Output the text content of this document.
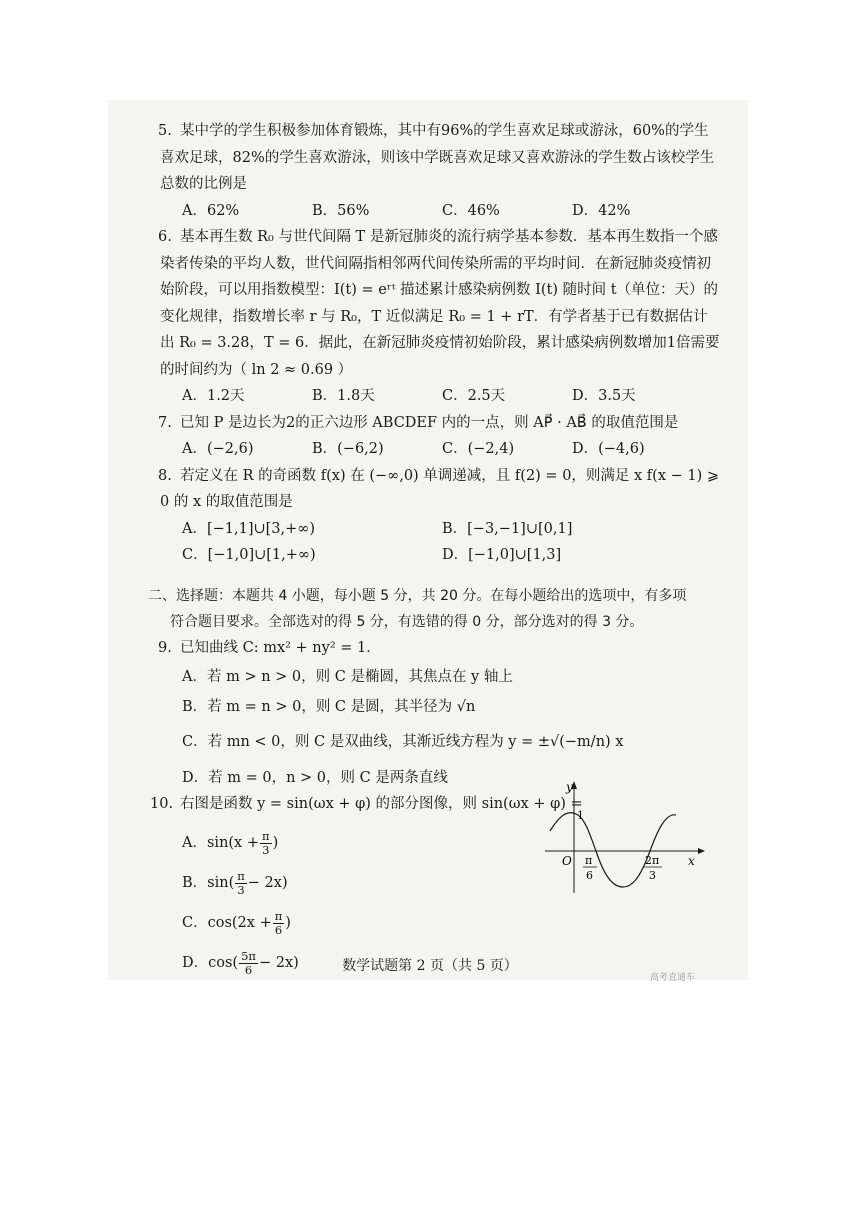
5. 某中学的学生积极参加体育锻炼，其中有96%的学生喜欢足球或游泳，60%的学生喜欢足球，82%的学生喜欢游泳，则该中学既喜欢足球又喜欢游泳的学生数占该校学生总数的比例是
A．62%	B．56%	C．46%	D．42%
6. 基本再生数 R₀ 与世代间隔 T 是新冠肺炎的流行病学基本参数．基本再生数指一个感染者传染的平均人数，世代间隔指相邻两代间传染所需的平均时间．在新冠肺炎疫情初始阶段，可以用指数模型：I(t) = eʳᵗ 描述累计感染病例数 I(t) 随时间 t（单位：天）的变化规律，指数增长率 r 与 R₀，T 近似满足 R₀ = 1 + rT．有学者基于已有数据估计出 R₀ = 3.28，T = 6．据此，在新冠肺炎疫情初始阶段，累计感染病例数增加1倍需要的时间约为（ ln 2 ≈ 0.69 ）
A．1.2天	B．1.8天	C．2.5天	D．3.5天
7. 已知 P 是边长为2的正六边形 ABCDEF 内的一点，则 AP⃗ · AB⃗ 的取值范围是
A．(−2,6)	B．(−6,2)	C．(−2,4)	D．(−4,6)
8. 若定义在 R 的奇函数 f(x) 在 (−∞,0) 单调递减，且 f(2) = 0，则满足 x f(x − 1) ⩾ 0 的 x 的取值范围是
A．[−1,1]∪[3,+∞)	B．[−3,−1]∪[0,1]
C．[−1,0]∪[1,+∞)	D．[−1,0]∪[1,3]
二、选择题：本题共 4 小题，每小题 5 分，共 20 分。在每小题给出的选项中，有多项
符合题目要求。全部选对的得 5 分，有选错的得 0 分，部分选对的得 3 分。
9. 已知曲线 C: mx² + ny² = 1．
A．若 m > n > 0，则 C 是椭圆，其焦点在 y 轴上
B．若 m = n > 0，则 C 是圆，其半径为 √n
C．若 mn < 0，则 C 是双曲线，其渐近线方程为 y = ±√(−m/n) x
D．若 m = 0，n > 0，则 C 是两条直线
10. 右图是函数 y = sin(ωx + φ) 的部分图像，则 sin(ωx + φ) =
A． $\sin(x + \frac{\pi}{3}$ )
B． $\sin( \frac{\pi}{3} - 2x)$
C． $\cos(2x + \frac{\pi}{6}$ )
D． $\cos( \frac{5\pi}{6} - 2x)$
y
x
O
1
π
6
2π
3
数学试题第 2 页（共 5 页）
高考直通车
